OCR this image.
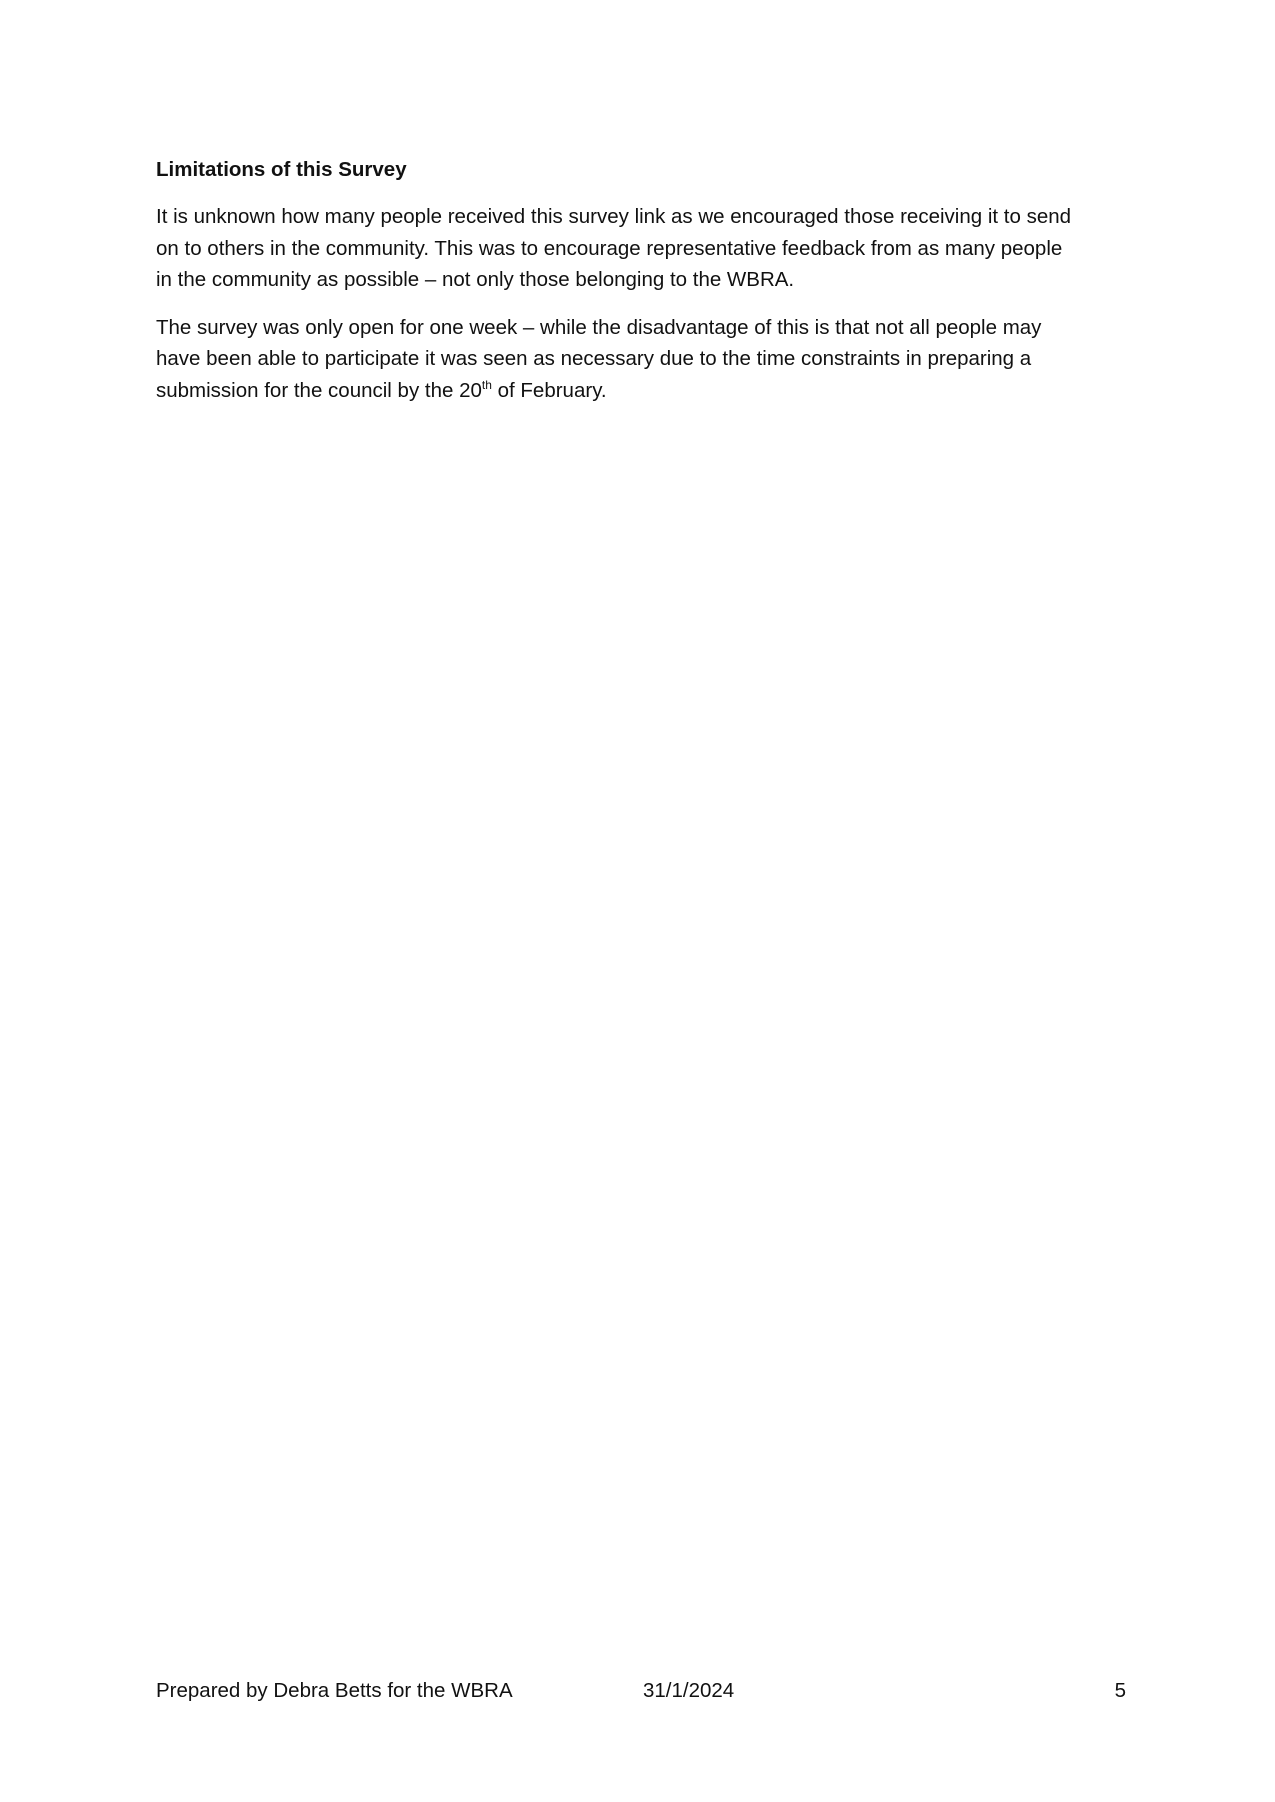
Limitations of this Survey
It is unknown how many people received this survey link as we encouraged those receiving it to send
on to others in the community. This was to encourage representative feedback from as many people
in the community as possible – not only those belonging to the WBRA.
The survey was only open for one week – while the disadvantage of this is that not all people may
have been able to participate it was seen as necessary due to the time constraints in preparing a
submission for the council by the 20th of February.
Prepared by Debra Betts for the WBRA	31/1/2024	5
